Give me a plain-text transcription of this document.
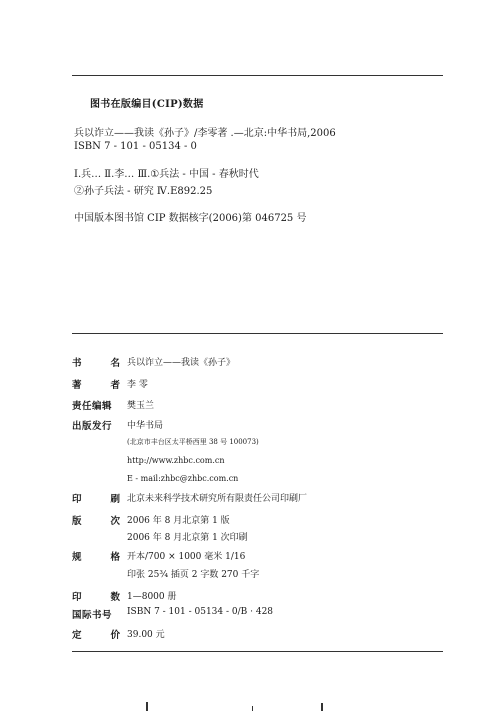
图书在版编目(CIP)数据
兵以诈立——我读《孙子》/李零著 .—北京:中华书局,2006
ISBN 7 - 101 - 05134 - 0
Ⅰ.兵… Ⅱ.李… Ⅲ.①兵法 - 中国 - 春秋时代
②孙子兵法 - 研究 Ⅳ.E892.25
中国版本图书馆 CIP 数据核字(2006)第 046725 号
书	名 兵以诈立——我读《孙子》
著	者 李 零
责任编辑	樊玉兰
出版发行	中华书局
(北京市丰台区太平桥西里 38 号 100073)
http://www.zhbc.com.cn
E - mail:zhbc@zhbc.com.cn
印	刷 北京未来科学技术研究所有限责任公司印刷厂
版	次 2006 年 8 月北京第 1 版
2006 年 8 月北京第 1 次印刷
规	格 开本/700 × 1000 毫米 1/16
印张 25¾ 插页 2 字数 270 千字
印	数 1—8000 册
国际书号	ISBN 7 - 101 - 05134 - 0/B · 428
定	价 39.00 元
